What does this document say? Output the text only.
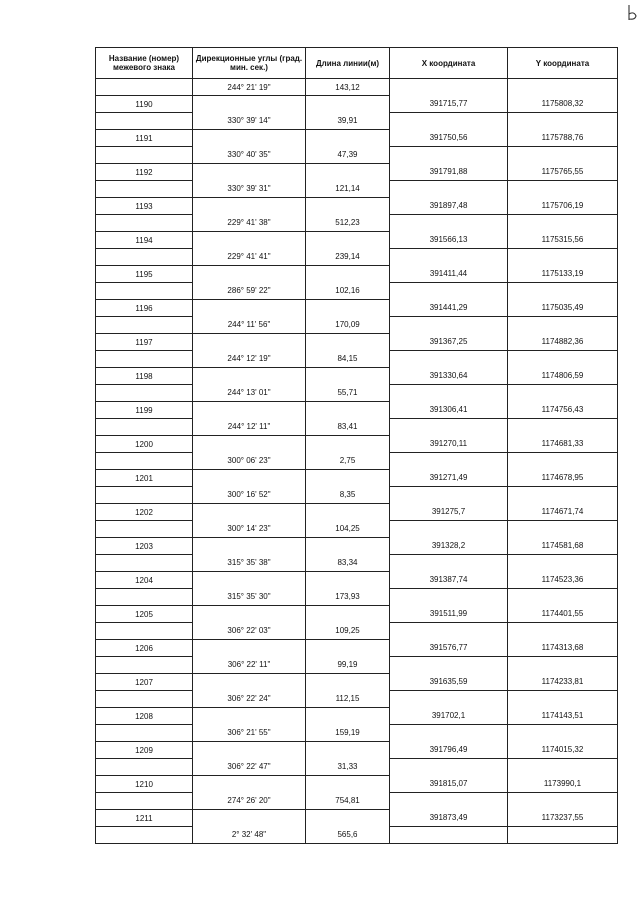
Название (номер) межевого знака	Дирекционные углы (град. мин. сек.)	Длина линии(м)	X координата	Y координата
	244° 21' 19"	143,12		
1190			391715,77	1175808,32
	330° 39' 14"	39,91		
1191			391750,56	1175788,76
	330° 40' 35"	47,39		
1192			391791,88	1175765,55
	330° 39' 31"	121,14		
1193			391897,48	1175706,19
	229° 41' 38"	512,23		
1194			391566,13	1175315,56
	229° 41' 41"	239,14		
1195			391411,44	1175133,19
	286° 59' 22"	102,16		
1196			391441,29	1175035,49
	244° 11' 56"	170,09		
1197			391367,25	1174882,36
	244° 12' 19"	84,15		
1198			391330,64	1174806,59
	244° 13' 01"	55,71		
1199			391306,41	1174756,43
	244° 12' 11"	83,41		
1200			391270,11	1174681,33
	300° 06' 23"	2,75		
1201			391271,49	1174678,95
	300° 16' 52"	8,35		
1202			391275,7	1174671,74
	300° 14' 23"	104,25		
1203			391328,2	1174581,68
	315° 35' 38"	83,34		
1204			391387,74	1174523,36
	315° 35' 30"	173,93		
1205			391511,99	1174401,55
	306° 22' 03"	109,25		
1206			391576,77	1174313,68
	306° 22' 11"	99,19		
1207			391635,59	1174233,81
	306° 22' 24"	112,15		
1208			391702,1	1174143,51
	306° 21' 55"	159,19		
1209			391796,49	1174015,32
	306° 22' 47"	31,33		
1210			391815,07	1173990,1
	274° 26' 20"	754,81		
1211			391873,49	1173237,55
	2° 32' 48"	565,6		
